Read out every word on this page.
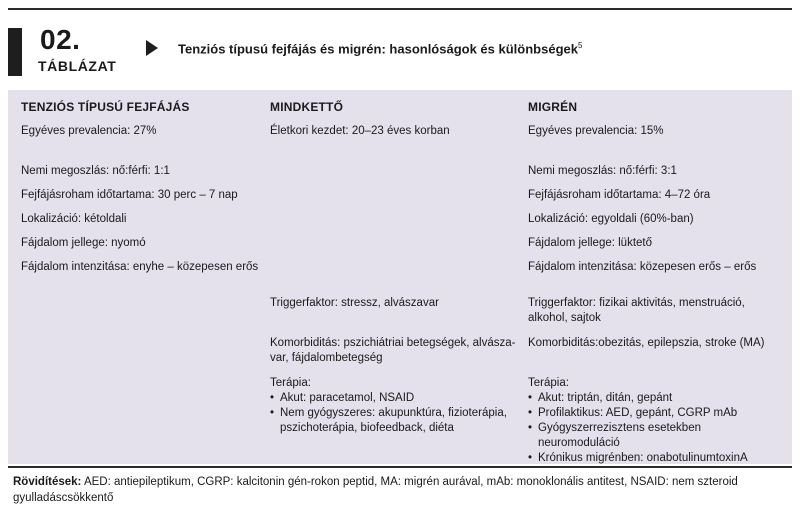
02.
TÁBLÁZAT
Tenziós típusú fejfájás és migrén: hasonlóságok és különbségek$^5$
TENZIÓS TÍPUSÚ FEJFÁJÁS
Egyéves prevalencia: 27%
Nemi megoszlás: nő:férfi: 1:1
Fejfájásroham időtartama: 30 perc – 7 nap
Lokalizáció: kétoldali
Fájdalom jellege: nyomó
Fájdalom intenzitása: enyhe – közepesen erős
MINDKETTŐ
Életkori kezdet: 20–23 éves korban
Triggerfaktor: stressz, alvászavar
Komorbiditás: pszichiátriai betegségek, alvásza-var, fájdalombetegség
Terápia:
• Akut: paracetamol, NSAID
• Nem gyógyszeres: akupunktúra, fizioterápia, pszichoterápia, biofeedback, diéta
MIGRÉN
Egyéves prevalencia: 15%
Nemi megoszlás: nő:férfi: 3:1
Fejfájásroham időtartama: 4–72 óra
Lokalizáció: egyoldali (60%-ban)
Fájdalom jellege: lüktető
Fájdalom intenzitása: közepesen erős – erős
Triggerfaktor: fizikai aktivitás, menstruáció, alkohol, sajtok
Komorbiditás:obezitás, epilepszia, stroke (MA)
Terápia:
• Akut: triptán, ditán, gepánt
• Profilaktikus: AED, gepánt, CGRP mAb
• Gyógyszerrezisztens esetekben neuromoduláció
• Krónikus migrénben: onabotulinumtoxinA
Rövidítések: AED: antiepileptikum, CGRP: kalcitonin gén-rokon peptid, MA: migrén aurával, mAb: monoklonális antitest, NSAID: nem szteroid gyulladáscsökkentő
